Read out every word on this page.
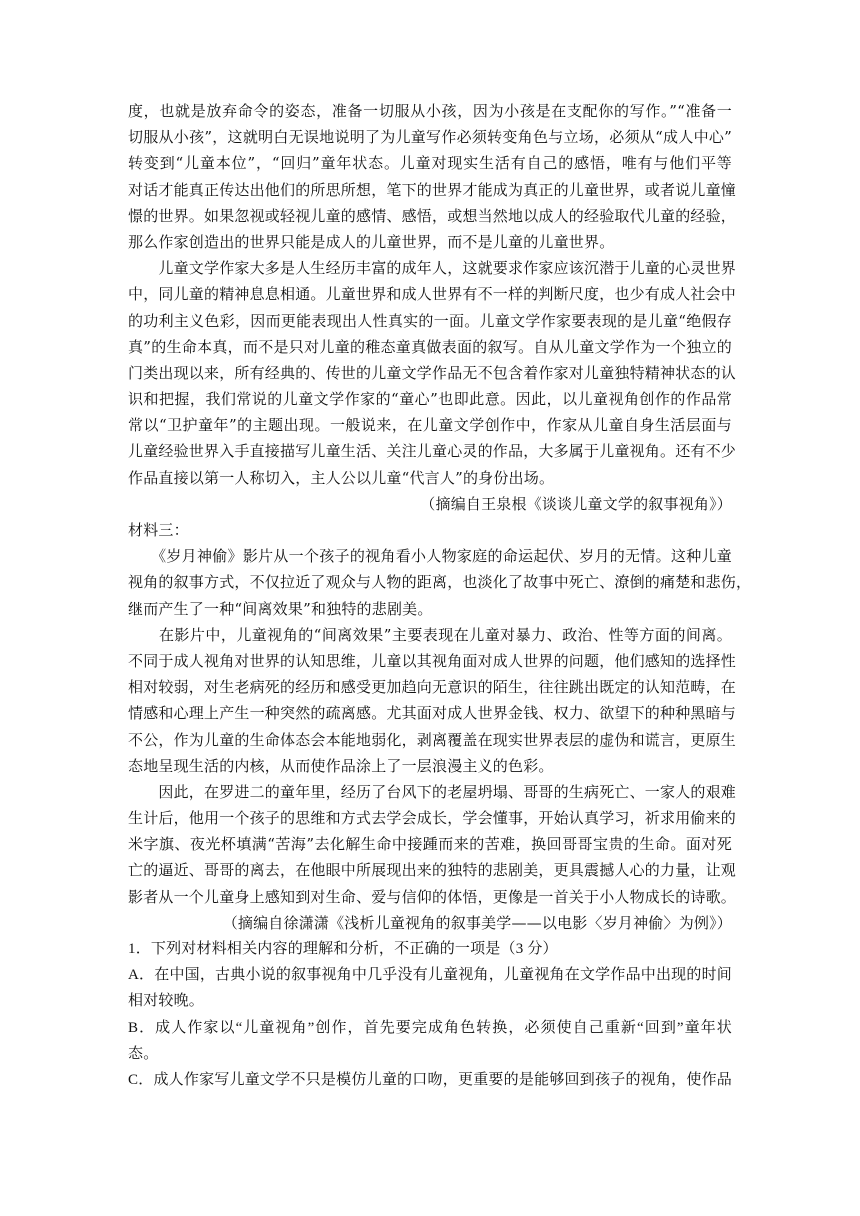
度，也就是放弃命令的姿态，准备一切服从小孩，因为小孩是在支配你的写作。”“准备一
切服从小孩”，这就明白无误地说明了为儿童写作必须转变角色与立场，必须从“成人中心”
转变到“儿童本位”，“回归”童年状态。儿童对现实生活有自己的感悟，唯有与他们平等
对话才能真正传达出他们的所思所想，笔下的世界才能成为真正的儿童世界，或者说儿童憧
憬的世界。如果忽视或轻视儿童的感情、感悟，或想当然地以成人的经验取代儿童的经验，
那么作家创造出的世界只能是成人的儿童世界，而不是儿童的儿童世界。
　　儿童文学作家大多是人生经历丰富的成年人，这就要求作家应该沉潜于儿童的心灵世界
中，同儿童的精神息息相通。儿童世界和成人世界有不一样的判断尺度，也少有成人社会中
的功利主义色彩，因而更能表现出人性真实的一面。儿童文学作家要表现的是儿童“绝假存
真”的生命本真，而不是只对儿童的稚态童真做表面的叙写。自从儿童文学作为一个独立的
门类出现以来，所有经典的、传世的儿童文学作品无不包含着作家对儿童独特精神状态的认
识和把握，我们常说的儿童文学作家的“童心”也即此意。因此，以儿童视角创作的作品常
常以“卫护童年”的主题出现。一般说来，在儿童文学创作中，作家从儿童自身生活层面与
儿童经验世界入手直接描写儿童生活、关注儿童心灵的作品，大多属于儿童视角。还有不少
作品直接以第一人称切入，主人公以儿童“代言人”的身份出场。
（摘编自王泉根《谈谈儿童文学的叙事视角》）
材料三：
　　《岁月神偷》影片从一个孩子的视角看小人物家庭的命运起伏、岁月的无情。这种儿童
视角的叙事方式，不仅拉近了观众与人物的距离，也淡化了故事中死亡、潦倒的痛楚和悲伤，
继而产生了一种“间离效果”和独特的悲剧美。
　　在影片中，儿童视角的“间离效果”主要表现在儿童对暴力、政治、性等方面的间离。
不同于成人视角对世界的认知思维，儿童以其视角面对成人世界的问题，他们感知的选择性
相对较弱，对生老病死的经历和感受更加趋向无意识的陌生，往往跳出既定的认知范畴，在
情感和心理上产生一种突然的疏离感。尤其面对成人世界金钱、权力、欲望下的种种黑暗与
不公，作为儿童的生命体态会本能地弱化，剥离覆盖在现实世界表层的虚伪和谎言，更原生
态地呈现生活的内核，从而使作品涂上了一层浪漫主义的色彩。
　　因此，在罗进二的童年里，经历了台风下的老屋坍塌、哥哥的生病死亡、一家人的艰难
生计后，他用一个孩子的思维和方式去学会成长，学会懂事，开始认真学习，祈求用偷来的
米字旗、夜光杯填满“苦海”去化解生命中接踵而来的苦难，换回哥哥宝贵的生命。面对死
亡的逼近、哥哥的离去，在他眼中所展现出来的独特的悲剧美，更具震撼人心的力量，让观
影者从一个儿童身上感知到对生命、爱与信仰的体悟，更像是一首关于小人物成长的诗歌。
（摘编自徐潇潇《浅析儿童视角的叙事美学——以电影〈岁月神偷〉为例》）
1．下列对材料相关内容的理解和分析，不正确的一项是（3 分）
A．在中国，古典小说的叙事视角中几乎没有儿童视角，儿童视角在文学作品中出现的时间
相对较晚。
B．成人作家以“儿童视角”创作，首先要完成角色转换，必须使自己重新“回到”童年状
态。
C．成人作家写儿童文学不只是模仿儿童的口吻，更重要的是能够回到孩子的视角，使作品
